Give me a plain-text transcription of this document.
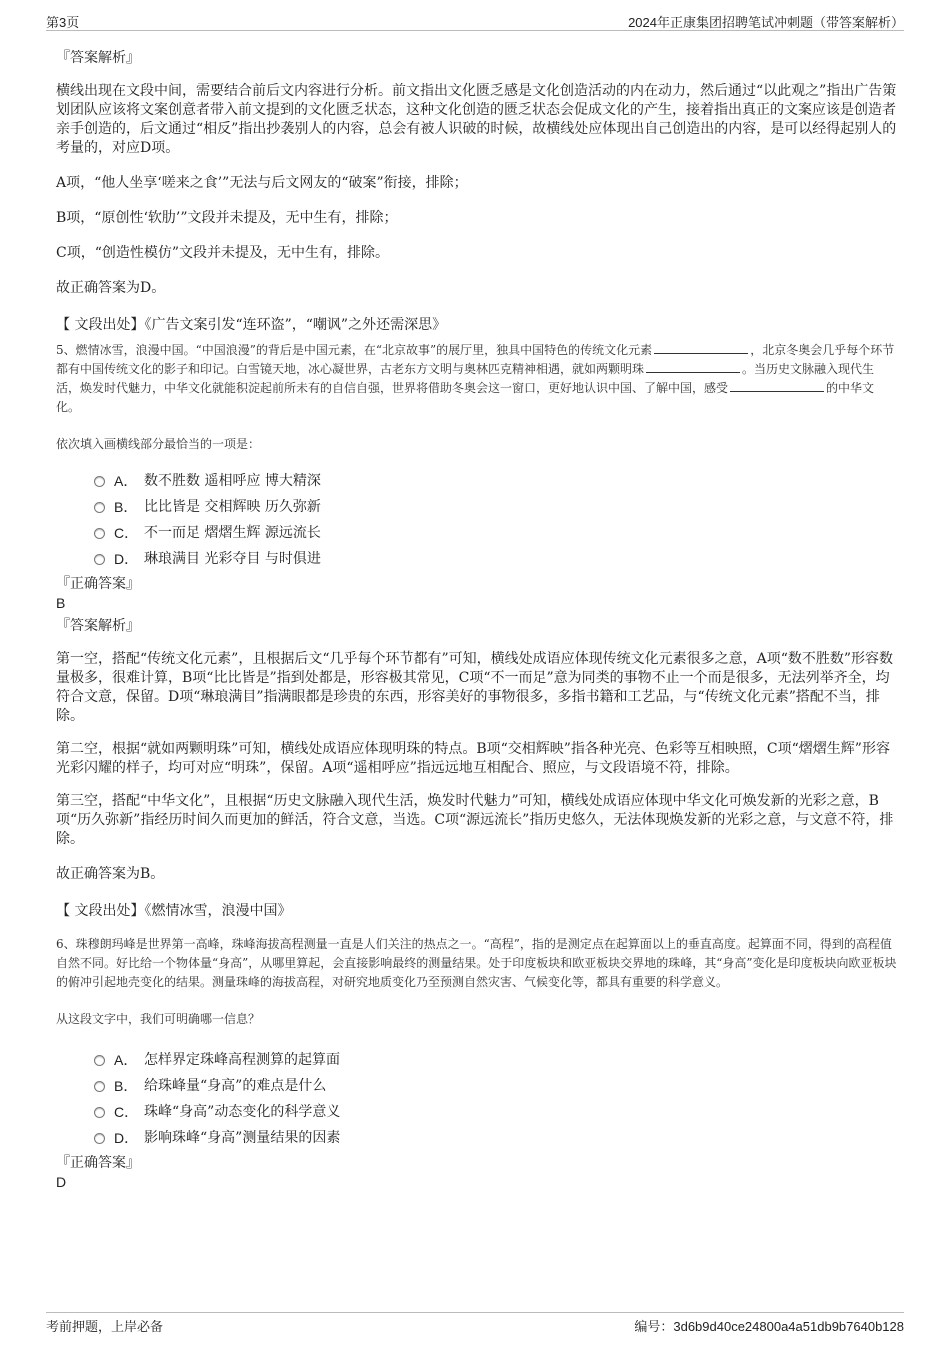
第3页	2024年正康集团招聘笔试冲刺题（带答案解析）
『答案解析』

横线出现在文段中间，需要结合前后文内容进行分析。前文指出文化匮乏感是文化创造活动的内在动力，然后通过“以此观之”指出广告策划团队应该将文案创意者带入前文提到的文化匮乏状态，这种文化创造的匮乏状态会促成文化的产生，接着指出真正的文案应该是创造者亲手创造的，后文通过“相反”指出抄袭别人的内容，总会有被人识破的时候，故横线处应体现出自己创造出的内容，是可以经得起别人的考量的，对应D项。

A项，“他人坐享‘嗟来之食’”无法与后文网友的“破案”衔接，排除；

B项，“原创性‘软肋’”文段并未提及，无中生有，排除；

C项，“创造性模仿”文段并未提及，无中生有，排除。

故正确答案为D。

【 文段出处】《广告文案引发“连环盗”，“嘲讽”之外还需深思》

5、燃情冰雪，浪漫中国。“中国浪漫”的背后是中国元素，在“北京故事”的展厅里，独具中国特色的传统文化元素	，北京冬奥会几乎每个环节都有中国传统文化的影子和印记。白雪镜天地，冰心凝世界，古老东方文明与奥林匹克精神相遇，就如两颗明珠	。当历史文脉融入现代生活，焕发时代魅力，中华文化就能积淀起前所未有的自信自强，世界将借助冬奥会这一窗口，更好地认识中国、了解中国，感受	的中华文化。

依次填入画横线部分最恰当的一项是：

A． 数不胜数 遥相呼应 博大精深
B． 比比皆是 交相辉映 历久弥新
C． 不一而足 熠熠生辉 源远流长
D． 琳琅满目 光彩夺目 与时俱进
『正确答案』

B

『答案解析』

第一空，搭配“传统文化元素”，且根据后文“几乎每个环节都有”可知，横线处成语应体现传统文化元素很多之意，A项“数不胜数”形容数量极多，很难计算，B项“比比皆是”指到处都是，形容极其常见，C项“不一而足”意为同类的事物不止一个而是很多，无法列举齐全，均符合文意，保留。D项“琳琅满目”指满眼都是珍贵的东西，形容美好的事物很多，多指书籍和工艺品，与“传统文化元素”搭配不当，排除。

第二空，根据“就如两颗明珠”可知，横线处成语应体现明珠的特点。B项“交相辉映”指各种光亮、色彩等互相映照，C项“熠熠生辉”形容光彩闪耀的样子，均可对应“明珠”，保留。A项“遥相呼应”指远远地互相配合、照应，与文段语境不符，排除。

第三空，搭配“中华文化”，且根据“历史文脉融入现代生活，焕发时代魅力”可知，横线处成语应体现中华文化可焕发新的光彩之意，B项“历久弥新”指经历时间久而更加的鲜活，符合文意，当选。C项“源远流长”指历史悠久，无法体现焕发新的光彩之意，与文意不符，排除。

故正确答案为B。

【 文段出处】《燃情冰雪，浪漫中国》

6、珠穆朗玛峰是世界第一高峰，珠峰海拔高程测量一直是人们关注的热点之一。“高程”，指的是测定点在起算面以上的垂直高度。起算面不同，得到的高程值自然不同。好比给一个物体量“身高”，从哪里算起，会直接影响最终的测量结果。处于印度板块和欧亚板块交界地的珠峰，其“身高”变化是印度板块向欧亚板块的俯冲引起地壳变化的结果。测量珠峰的海拔高程，对研究地质变化乃至预测自然灾害、气候变化等，都具有重要的科学意义。

从这段文字中，我们可明确哪一信息？

A． 怎样界定珠峰高程测算的起算面
B． 给珠峰量“身高”的难点是什么
C． 珠峰“身高”动态变化的科学意义
D． 影响珠峰“身高”测量结果的因素
『正确答案』

D

考前押题，上岸必备	编号：3d6b9d40ce24800a4a51db9b7640b128
